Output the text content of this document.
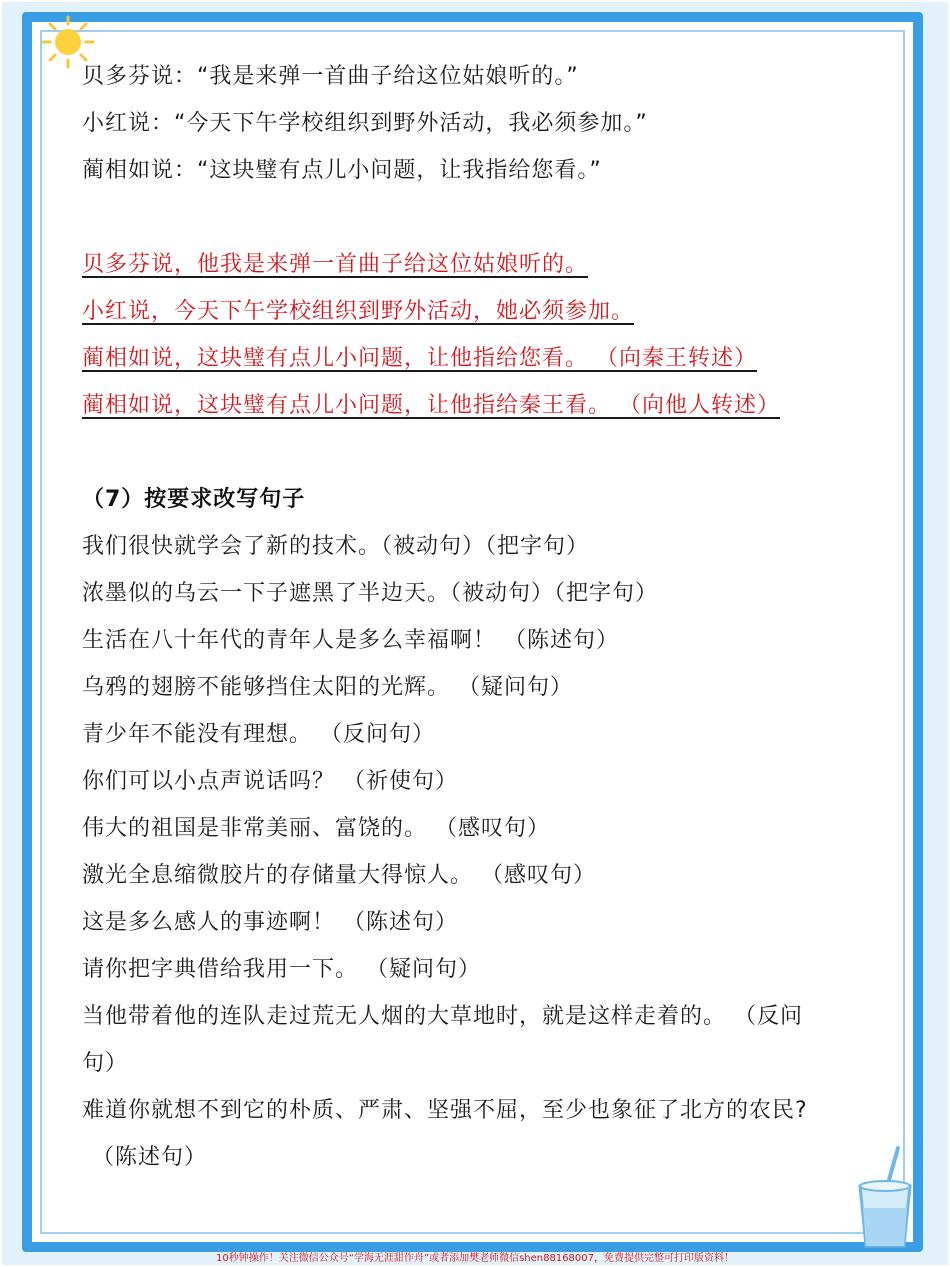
贝多芬说：“我是来弹一首曲子给这位姑娘听的。”
小红说：“今天下午学校组织到野外活动，我必须参加。”
蔺相如说：“这块璧有点儿小问题，让我指给您看。”
贝多芬说，他我是来弹一首曲子给这位姑娘听的。
小红说，今天下午学校组织到野外活动，她必须参加。
蔺相如说，这块璧有点儿小问题，让他指给您看。 （向秦王转述）
蔺相如说，这块璧有点儿小问题，让他指给秦王看。 （向他人转述）
（7）按要求改写句子
我们很快就学会了新的技术。（被动句）（把字句）
浓墨似的乌云一下子遮黑了半边天。（被动句）（把字句）
生活在八十年代的青年人是多么幸福啊！ （陈述句）
乌鸦的翅膀不能够挡住太阳的光辉。 （疑问句）
青少年不能没有理想。 （反问句）
你们可以小点声说话吗？ （祈使句）
伟大的祖国是非常美丽、富饶的。 （感叹句）
激光全息缩微胶片的存储量大得惊人。 （感叹句）
这是多么感人的事迹啊！ （陈述句）
请你把字典借给我用一下。 （疑问句）
当他带着他的连队走过荒无人烟的大草地时，就是这样走着的。 （反问
句）
难道你就想不到它的朴质、严肃、坚强不屈，至少也象征了北方的农民?
（陈述句）
10秒钟操作！关注微信公众号“学海无涯甜作舟”或者添加樊老师微信shen88168007，免费提供完整可打印版资料！
